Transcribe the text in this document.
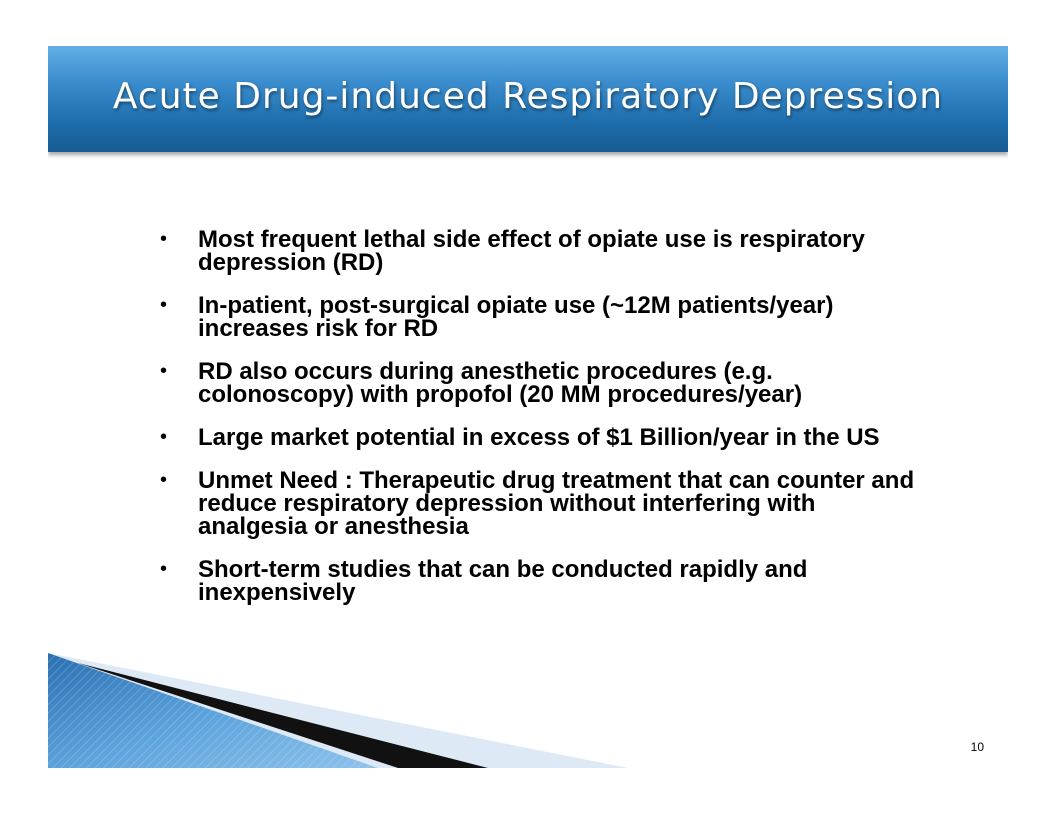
Acute Drug-induced Respiratory Depression
• Most frequent lethal side effect of opiate use is respiratory depression (RD)
• In-patient, post-surgical opiate use (~12M patients/year) increases risk for RD
• RD also occurs during anesthetic procedures (e.g. colonoscopy) with propofol (20 MM procedures/year)
• Large market potential in excess of $1 Billion/year in the US
• Unmet Need : Therapeutic drug treatment that can counter and reduce respiratory depression without interfering with analgesia or anesthesia
• Short-term studies that can be conducted rapidly and inexpensively
10
